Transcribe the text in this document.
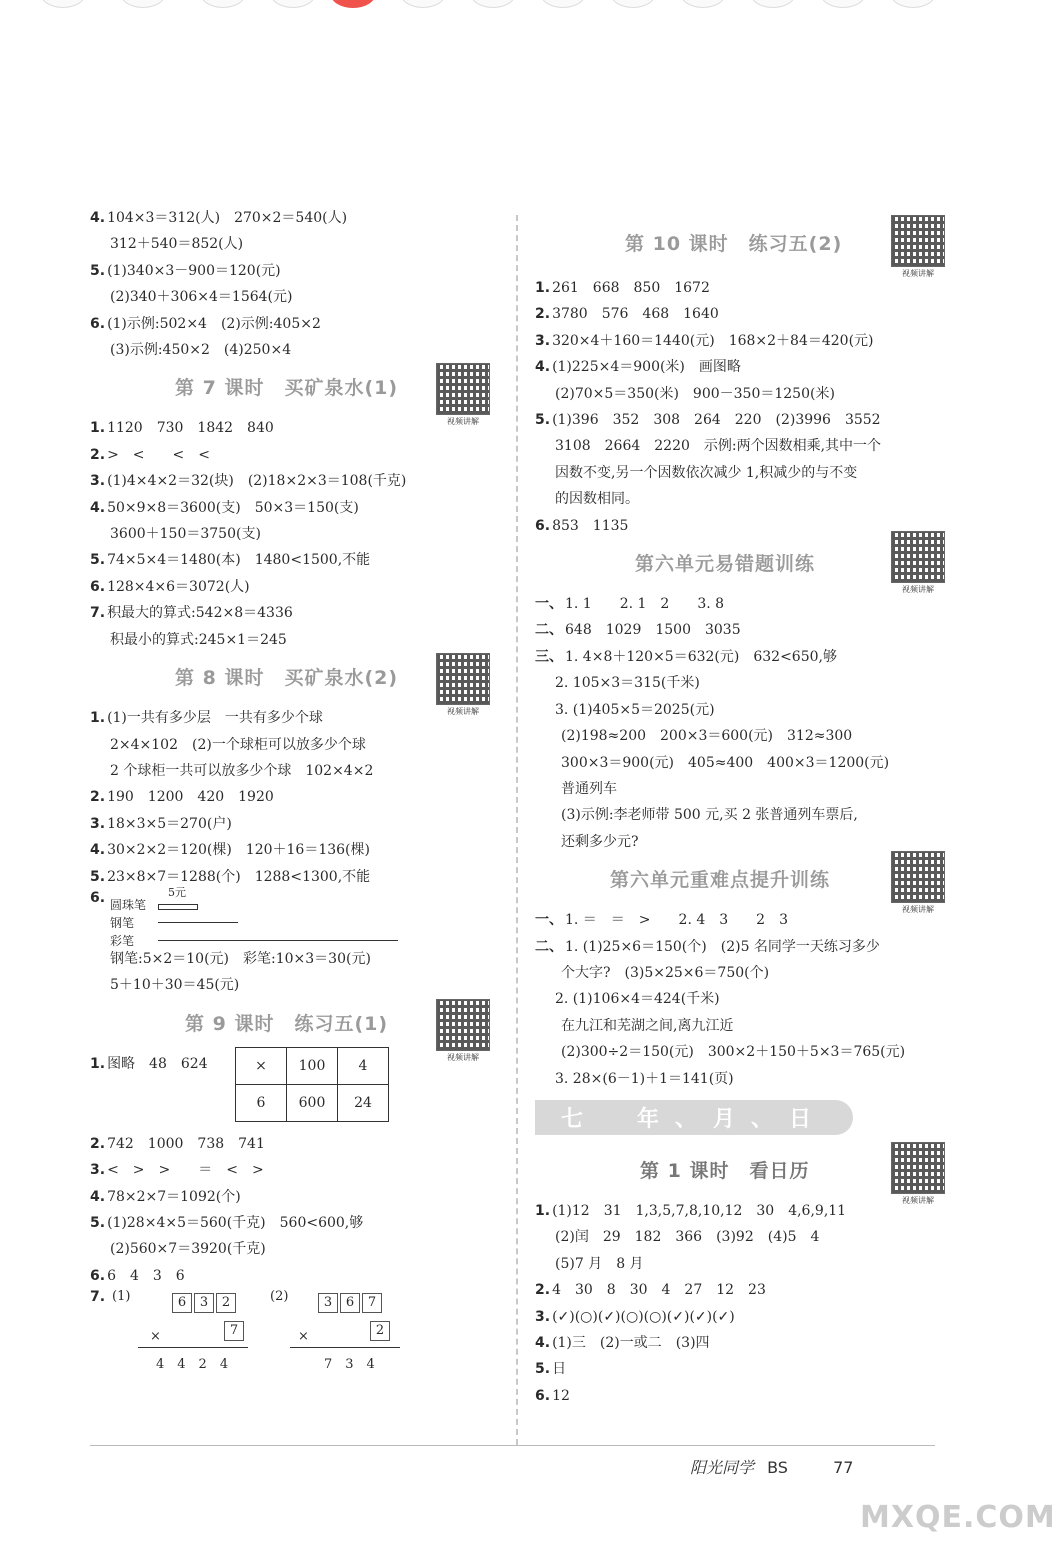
4. 104×3＝312(人)　270×2＝540(人)
312＋540＝852(人)
5. (1)340×3－900＝120(元)
(2)340＋306×4＝1564(元)
6. (1)示例:502×4　(2)示例:405×2
(3)示例:450×2　(4)250×4
第 7 课时　买矿泉水(1)
视频讲解
1. 1120　730　1842　840
2. >　<　　<　<
3. (1)4×4×2＝32(块)　(2)18×2×3＝108(千克)
4. 50×9×8＝3600(支)　50×3＝150(支)
3600＋150＝3750(支)
5. 74×5×4＝1480(本)　1480<1500,不能
6. 128×4×6＝3072(人)
7. 积最大的算式:542×8＝4336
积最小的算式:245×1＝245
第 8 课时　买矿泉水(2)
视频讲解
1. (1)一共有多少层　一共有多少个球
2×4×102　(2)一个球柜可以放多少个球
2 个球柜一共可以放多少个球　102×4×2
2. 190　1200　420　1920
3. 18×3×5＝270(户)
4. 30×2×2＝120(棵)　120＋16＝136(棵)
5. 23×8×7＝1288(个)　1288<1300,不能
6.	5元
圆珠笔
钢笔
彩笔
钢笔:5×2＝10(元)　彩笔:10×3＝30(元)
5＋10＋30＝45(元)
第 9 课时　练习五(1)
视频讲解
1. 图略　48　624	×	100	4
6	600	24
2. 742　1000　738　741
3. <　>　>　　＝　<　>
4. 78×2×7＝1092(个)
5. (1)28×4×5＝560(千克)　560<600,够
(2)560×7＝3920(千克)
6. 6　4　3　6
7. (1)	6 3 2
×	7
4　4　2　4
(2)	3 6 7
×	2
7　3　4
第 10 课时　练习五(2)
视频讲解
1. 261　668　850　1672
2. 3780　576　468　1640
3. 320×4＋160＝1440(元)　168×2＋84＝420(元)
4. (1)225×4＝900(米)　画图略
(2)70×5＝350(米)　900－350＝1250(米)
5. (1)396　352　308　264　220　(2)3996　3552
3108　2664　2220　示例:两个因数相乘,其中一个
因数不变,另一个因数依次减少 1,积减少的与不变
的因数相同。
6. 853　1135
第六单元易错题训练
视频讲解
一、 1. 1　　2. 1　2　　3. 8
二、 648　1029　1500　3035
三、 1. 4×8＋120×5＝632(元)　632<650,够
2. 105×3＝315(千米)
3. (1)405×5＝2025(元)
(2)198≈200　200×3＝600(元)　312≈300
300×3＝900(元)　405≈400　400×3＝1200(元)
普通列车
(3)示例:李老师带 500 元,买 2 张普通列车票后,
还剩多少元?
第六单元重难点提升训练
视频讲解
一、 1. ＝　＝　>　　2. 4　3　　2　3
二、 1. (1)25×6＝150(个)　(2)5 名同学一天练习多少
个大字?　(3)5×25×6＝750(个)
2. (1)106×4＝424(千米)
在九江和芜湖之间,离九江近
(2)300÷2＝150(元)　300×2＋150＋5×3＝765(元)
3. 28×(6－1)＋1＝141(页)
七　年、月、日
第 1 课时　看日历
视频讲解
1. (1)12　31　1,3,5,7,8,10,12　30　4,6,9,11
(2)闰　29　182　366　(3)92　(4)5　4
(5)7 月　8 月
2. 4　30　8　30　4　27　12　23
3. (✓)(○)(✓)(○)(○)(✓)(✓)(✓)
4. (1)三　(2)一或二　(3)四
5. 日
6. 12
阳光同学 BS	77
MXQE.COM
